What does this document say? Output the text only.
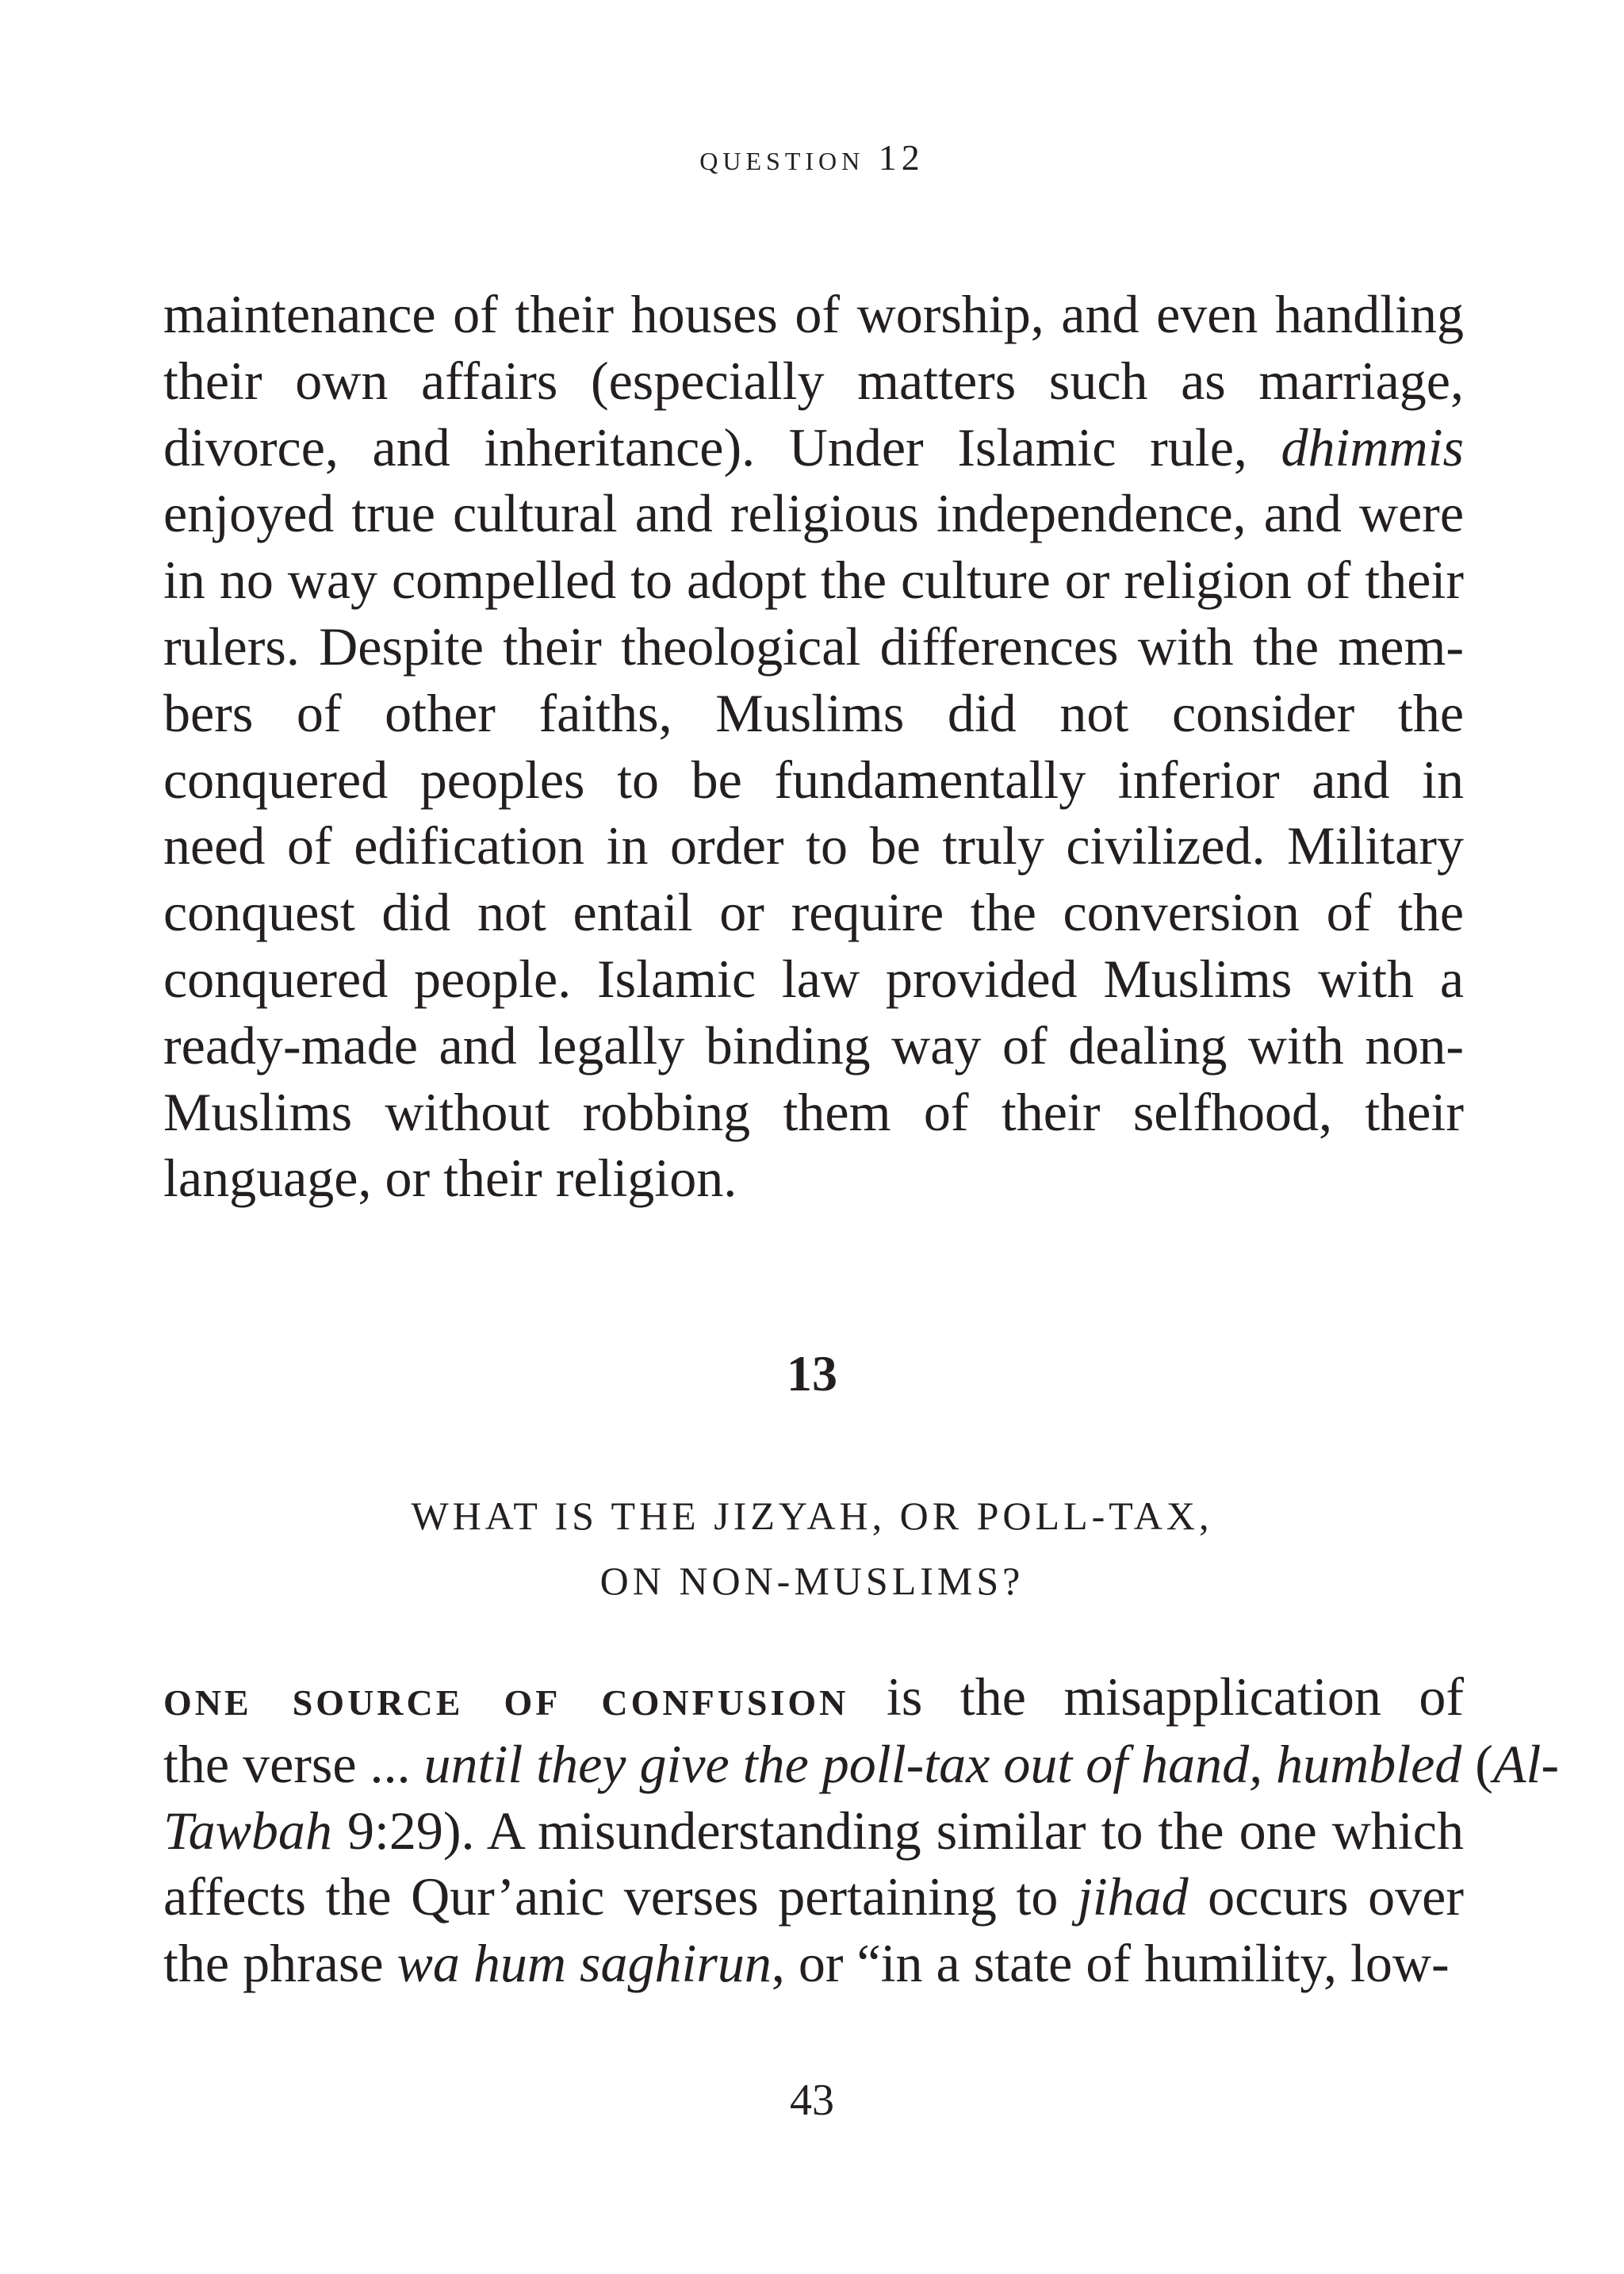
question 12
maintenance of their houses of worship, and even handling
their own affairs (especially matters such as marriage,
divorce, and inheritance). Under Islamic rule, dhimmis
enjoyed true cultural and religious independence, and were
in no way compelled to adopt the culture or religion of their
rulers. Despite their theological differences with the mem-
bers of other faiths, Muslims did not consider the
conquered peoples to be fundamentally inferior and in
need of edification in order to be truly civilized. Military
conquest did not entail or require the conversion of the
conquered people. Islamic law provided Muslims with a
ready-made and legally binding way of dealing with non-
Muslims without robbing them of their selfhood, their
language, or their religion.
13
WHAT IS THE JIZYAH, OR POLL-TAX,
ON NON-MUSLIMS?
one source of confusion is the misapplication of
the verse ... until they give the poll-tax out of hand, humbled (Al-
Tawbah 9:29). A misunderstanding similar to the one which
affects the Qur’anic verses pertaining to jihad occurs over
the phrase wa hum saghirun, or “in a state of humility, low-
43
